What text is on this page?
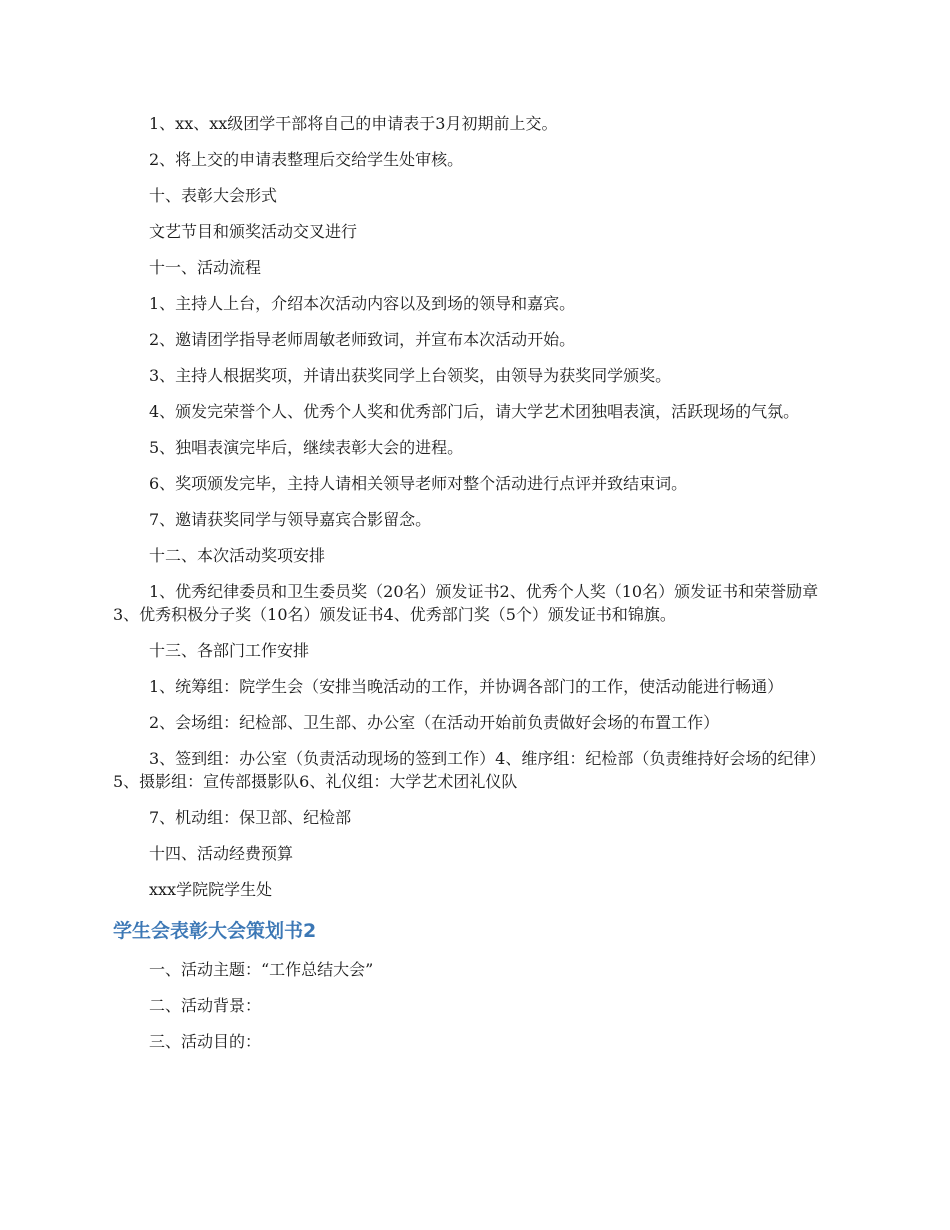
1、xx、xx级团学干部将自己的申请表于3月初期前上交。

2、将上交的申请表整理后交给学生处审核。

十、表彰大会形式

文艺节目和颁奖活动交叉进行

十一、活动流程

1、主持人上台，介绍本次活动内容以及到场的领导和嘉宾。

2、邀请团学指导老师周敏老师致词，并宣布本次活动开始。

3、主持人根据奖项，并请出获奖同学上台领奖，由领导为获奖同学颁奖。

4、颁发完荣誉个人、优秀个人奖和优秀部门后，请大学艺术团独唱表演，活跃现场的气氛。

5、独唱表演完毕后，继续表彰大会的进程。

6、奖项颁发完毕，主持人请相关领导老师对整个活动进行点评并致结束词。

7、邀请获奖同学与领导嘉宾合影留念。

十二、本次活动奖项安排

1、优秀纪律委员和卫生委员奖（20名）颁发证书2、优秀个人奖（10名）颁发证书和荣誉励章3、优秀积极分子奖（10名）颁发证书4、优秀部门奖（5个）颁发证书和锦旗。

十三、各部门工作安排

1、统筹组：院学生会（安排当晚活动的工作，并协调各部门的工作，使活动能进行畅通）

2、会场组：纪检部、卫生部、办公室（在活动开始前负责做好会场的布置工作）

3、签到组：办公室（负责活动现场的签到工作）4、维序组：纪检部（负责维持好会场的纪律）5、摄影组：宣传部摄影队6、礼仪组：大学艺术团礼仪队

7、机动组：保卫部、纪检部

十四、活动经费预算

xxx学院院学生处

学生会表彰大会策划书2

一、活动主题：“工作总结大会”

二、活动背景：

三、活动目的：
